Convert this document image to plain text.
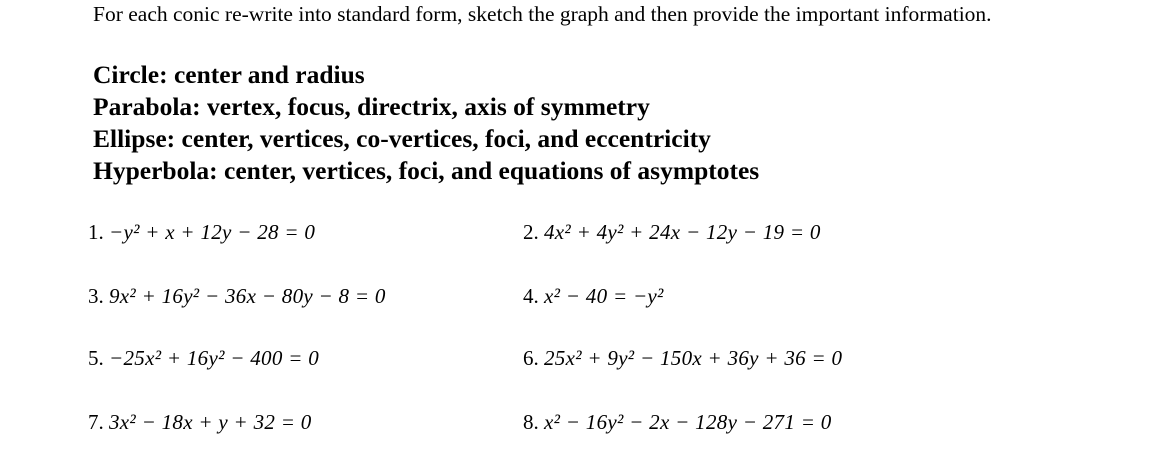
For each conic re-write into standard form, sketch the graph and then provide the important information.
Circle: center and radius
Parabola: vertex, focus, directrix, axis of symmetry
Ellipse: center, vertices, co-vertices, foci, and eccentricity
Hyperbola: center, vertices, foci, and equations of asymptotes
1. −y² + x + 12y − 28 = 0	2. 4x² + 4y² + 24x − 12y − 19 = 0
3. 9x² + 16y² − 36x − 80y − 8 = 0	4. x² − 40 = −y²
5. −25x² + 16y² − 400 = 0	6. 25x² + 9y² − 150x + 36y + 36 = 0
7. 3x² − 18x + y + 32 = 0	8. x² − 16y² − 2x − 128y − 271 = 0
